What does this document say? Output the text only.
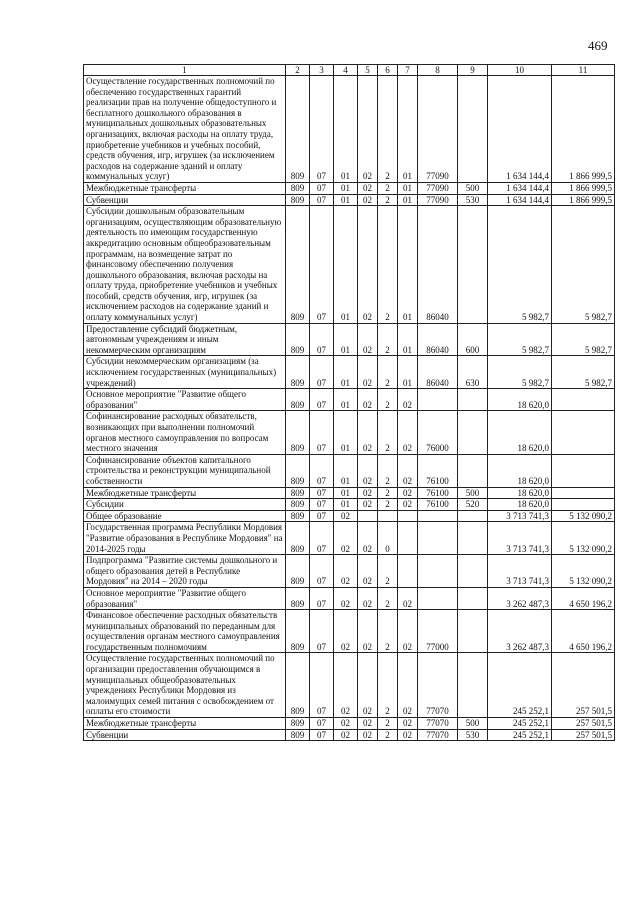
469
1	2	3	4	5	6	7	8	9	10	11
Осуществление государственных полномочий по обеспечению государственных гарантий реализации прав на получение общедоступного и бесплатного дошкольного образования в муниципальных дошкольных образовательных организациях, включая расходы на оплату труда, приобретение учебников и учебных пособий, средств обучения, игр, игрушек (за исключением расходов на содержание зданий и оплату коммунальных услуг)	809	07	01	02	2	01	77090		1 634 144,4	1 866 999,5
Межбюджетные трансферты	809	07	01	02	2	01	77090	500	1 634 144,4	1 866 999,5
Субвенции	809	07	01	02	2	01	77090	530	1 634 144,4	1 866 999,5
Субсидии дошкольным образовательным организациям, осуществляющим образовательную деятельность по имеющим государственную аккредитацию основным общеобразовательным программам, на возмещение затрат по финансовому обеспечению получения дошкольного образования, включая расходы на оплату труда, приобретение учебников и учебных пособий, средств обучения, игр, игрушек (за исключением расходов на содержание зданий и оплату коммунальных услуг)	809	07	01	02	2	01	86040		5 982,7	5 982,7
Предоставление субсидий бюджетным, автономным учреждениям и иным некоммерческим организациям	809	07	01	02	2	01	86040	600	5 982,7	5 982,7
Субсидии некоммерческим организациям (за исключением государственных (муниципальных) учреждений)	809	07	01	02	2	01	86040	630	5 982,7	5 982,7
Основное мероприятие "Развитие общего образования"	809	07	01	02	2	02			18 620,0	
Софинансирование расходных обязательств, возникающих при выполнении полномочий органов местного самоуправления по вопросам местного значения	809	07	01	02	2	02	76000		18 620,0	
Софинансирование объектов капитального строительства и реконструкции муниципальной собственности	809	07	01	02	2	02	76100		18 620,0	
Межбюджетные трансферты	809	07	01	02	2	02	76100	500	18 620,0	
Субсидии	809	07	01	02	2	02	76100	520	18 620,0	
Общее образование	809	07	02						3 713 741,3	5 132 090,2
Государственная программа Республики Мордовия "Развитие образования в Республике Мордовия" на 2014-2025 годы	809	07	02	02	0				3 713 741,3	5 132 090,2
Подпрограмма "Развитие системы дошкольного и общего образования детей в Республике Мордовия" на 2014 – 2020 годы	809	07	02	02	2				3 713 741,3	5 132 090,2
Основное мероприятие "Развитие общего образования"	809	07	02	02	2	02			3 262 487,3	4 650 196,2
Финансовое обеспечение расходных обязательств муниципальных образований по переданным для осуществления органам местного самоуправления государственным полномочиям	809	07	02	02	2	02	77000		3 262 487,3	4 650 196,2
Осуществление государственных полномочий по организации предоставления обучающимся в муниципальных общеобразовательных учреждениях Республики Мордовия из малоимущих семей питания с освобождением от оплаты его стоимости	809	07	02	02	2	02	77070		245 252,1	257 501,5
Межбюджетные трансферты	809	07	02	02	2	02	77070	500	245 252,1	257 501,5
Субвенции	809	07	02	02	2	02	77070	530	245 252,1	257 501,5
